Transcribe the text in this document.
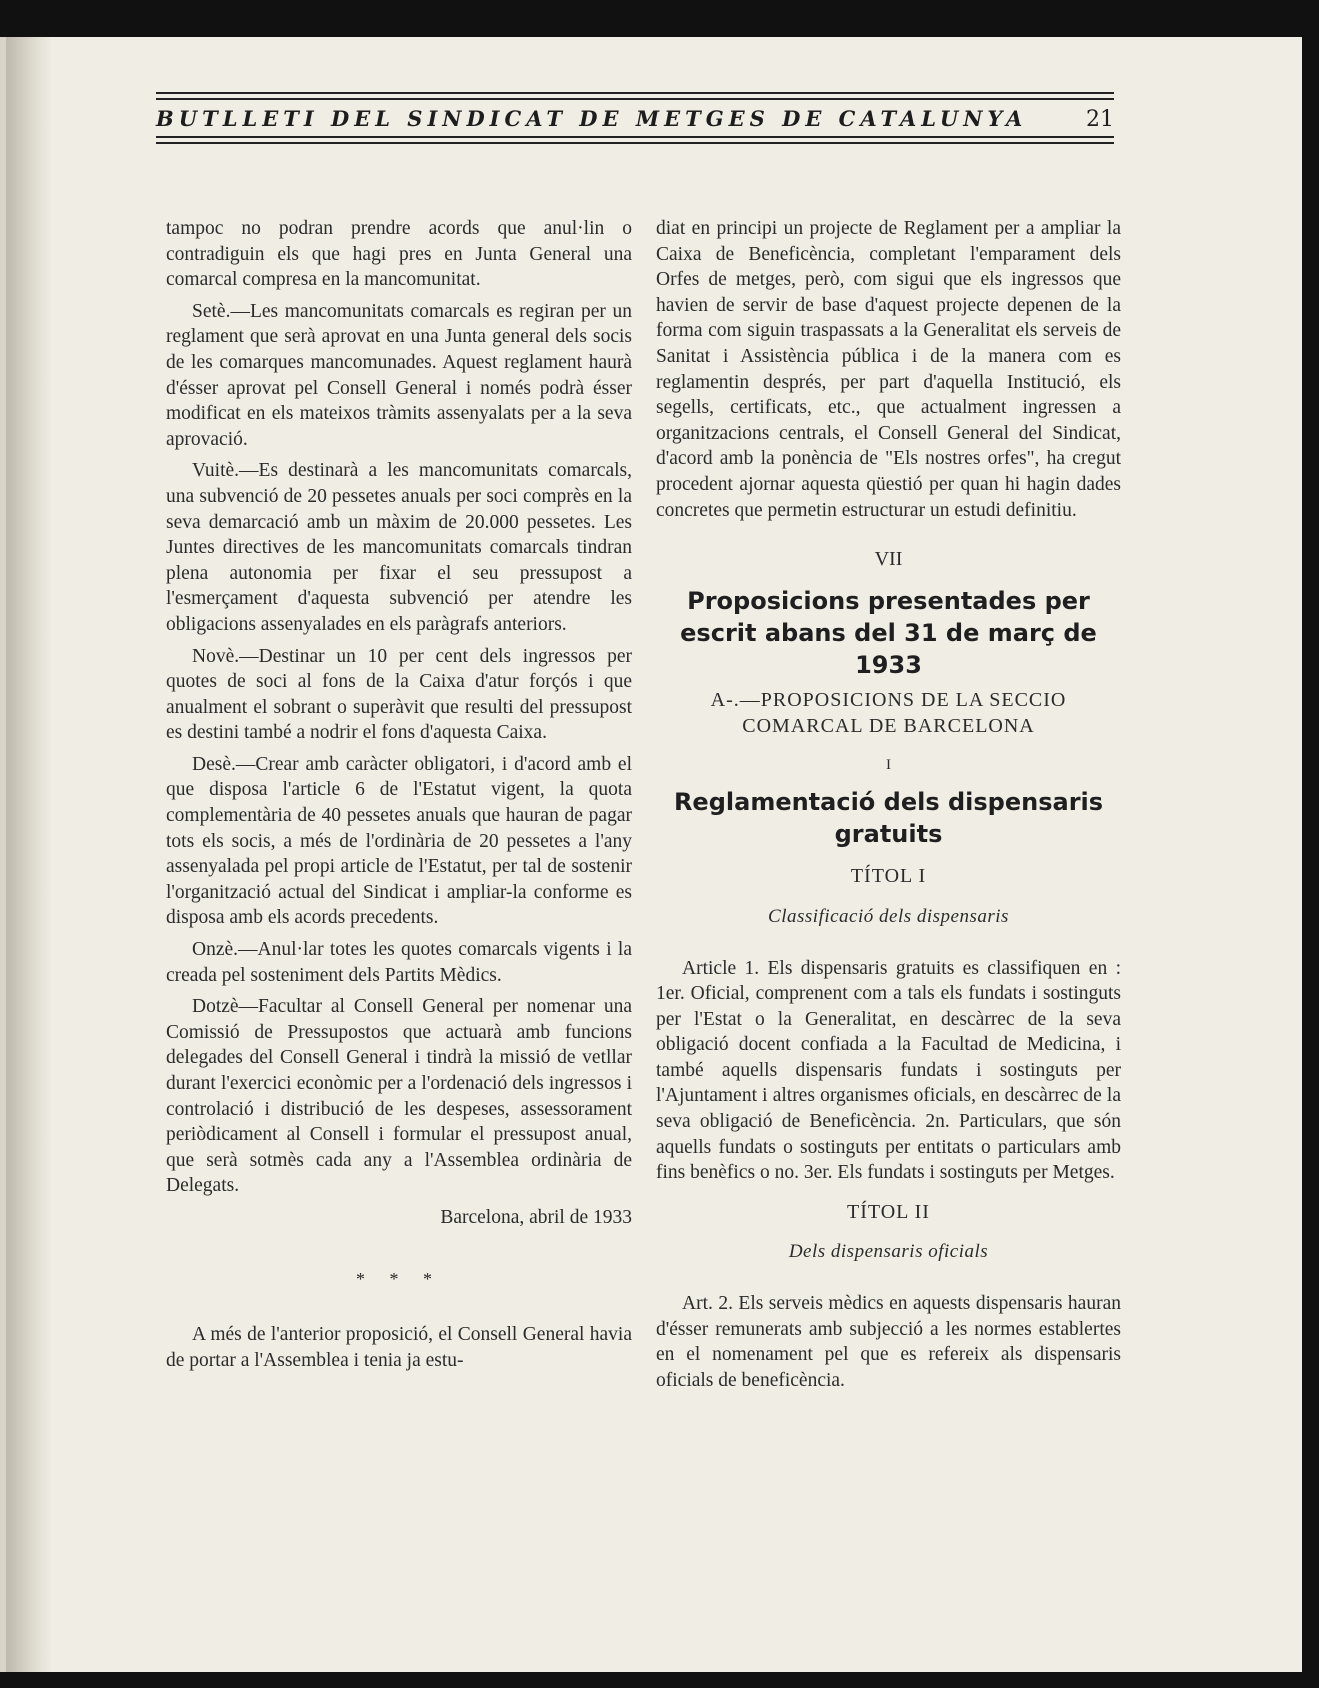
BUTLLETI DEL SINDICAT DE METGES DE CATALUNYA	21

tampoc no podran prendre acords que anul·lin o contradiguin els que hagi pres en Junta General una comarcal compresa en la mancomunitat.

Setè.—Les mancomunitats comarcals es regiran per un reglament que serà aprovat en una Junta general dels socis de les comarques mancomunades. Aquest reglament haurà d'ésser aprovat pel Consell General i només podrà ésser modificat en els mateixos tràmits assenyalats per a la seva aprovació.

Vuitè.—Es destinarà a les mancomunitats comarcals, una subvenció de 20 pessetes anuals per soci comprès en la seva demarcació amb un màxim de 20.000 pessetes. Les Juntes directives de les mancomunitats comarcals tindran plena autonomia per fixar el seu pressupost a l'esmerçament d'aquesta subvenció per atendre les obligacions assenyalades en els paràgrafs anteriors.

Novè.—Destinar un 10 per cent dels ingressos per quotes de soci al fons de la Caixa d'atur forçós i que anualment el sobrant o superàvit que resulti del pressupost es destini també a nodrir el fons d'aquesta Caixa.

Desè.—Crear amb caràcter obligatori, i d'acord amb el que disposa l'article 6 de l'Estatut vigent, la quota complementària de 40 pessetes anuals que hauran de pagar tots els socis, a més de l'ordinària de 20 pessetes a l'any assenyalada pel propi article de l'Estatut, per tal de sostenir l'organització actual del Sindicat i ampliar-la conforme es disposa amb els acords precedents.

Onzè.—Anul·lar totes les quotes comarcals vigents i la creada pel sosteniment dels Partits Mèdics.

Dotzè—Facultar al Consell General per nomenar una Comissió de Pressupostos que actuarà amb funcions delegades del Consell General i tindrà la missió de vetllar durant l'exercici econòmic per a l'ordenació dels ingressos i controlació i distribució de les despeses, assessorament periòdicament al Consell i formular el pressupost anual, que serà sotmès cada any a l'Assemblea ordinària de Delegats.

Barcelona, abril de 1933

* * *

A més de l'anterior proposició, el Consell General havia de portar a l'Assemblea i tenia ja estu-

diat en principi un projecte de Reglament per a ampliar la Caixa de Beneficència, completant l'emparament dels Orfes de metges, però, com sigui que els ingressos que havien de servir de base d'aquest projecte depenen de la forma com siguin traspassats a la Generalitat els serveis de Sanitat i Assistència pública i de la manera com es reglamentin després, per part d'aquella Institució, els segells, certificats, etc., que actualment ingressen a organitzacions centrals, el Consell General del Sindicat, d'acord amb la ponència de "Els nostres orfes", ha cregut procedent ajornar aquesta qüestió per quan hi hagin dades concretes que permetin estructurar un estudi definitiu.

VII
Proposicions presentades per escrit abans del 31 de març de 1933
A-.—PROPOSICIONS DE LA SECCIO COMARCAL DE BARCELONA
I
Reglamentació dels dispensaris gratuits
TÍTOL I
Classificació dels dispensaris

Article 1. Els dispensaris gratuits es classifiquen en : 1er. Oficial, comprenent com a tals els fundats i sostinguts per l'Estat o la Generalitat, en descàrrec de la seva obligació docent confiada a la Facultad de Medicina, i també aquells dispensaris fundats i sostinguts per l'Ajuntament i altres organismes oficials, en descàrrec de la seva obligació de Beneficència. 2n. Particulars, que són aquells fundats o sostinguts per entitats o particulars amb fins benèfics o no. 3er. Els fundats i sostinguts per Metges.

TÍTOL II
Dels dispensaris oficials

Art. 2. Els serveis mèdics en aquests dispensaris hauran d'ésser remunerats amb subjecció a les normes establertes en el nomenament pel que es refereix als dispensaris oficials de beneficència.
